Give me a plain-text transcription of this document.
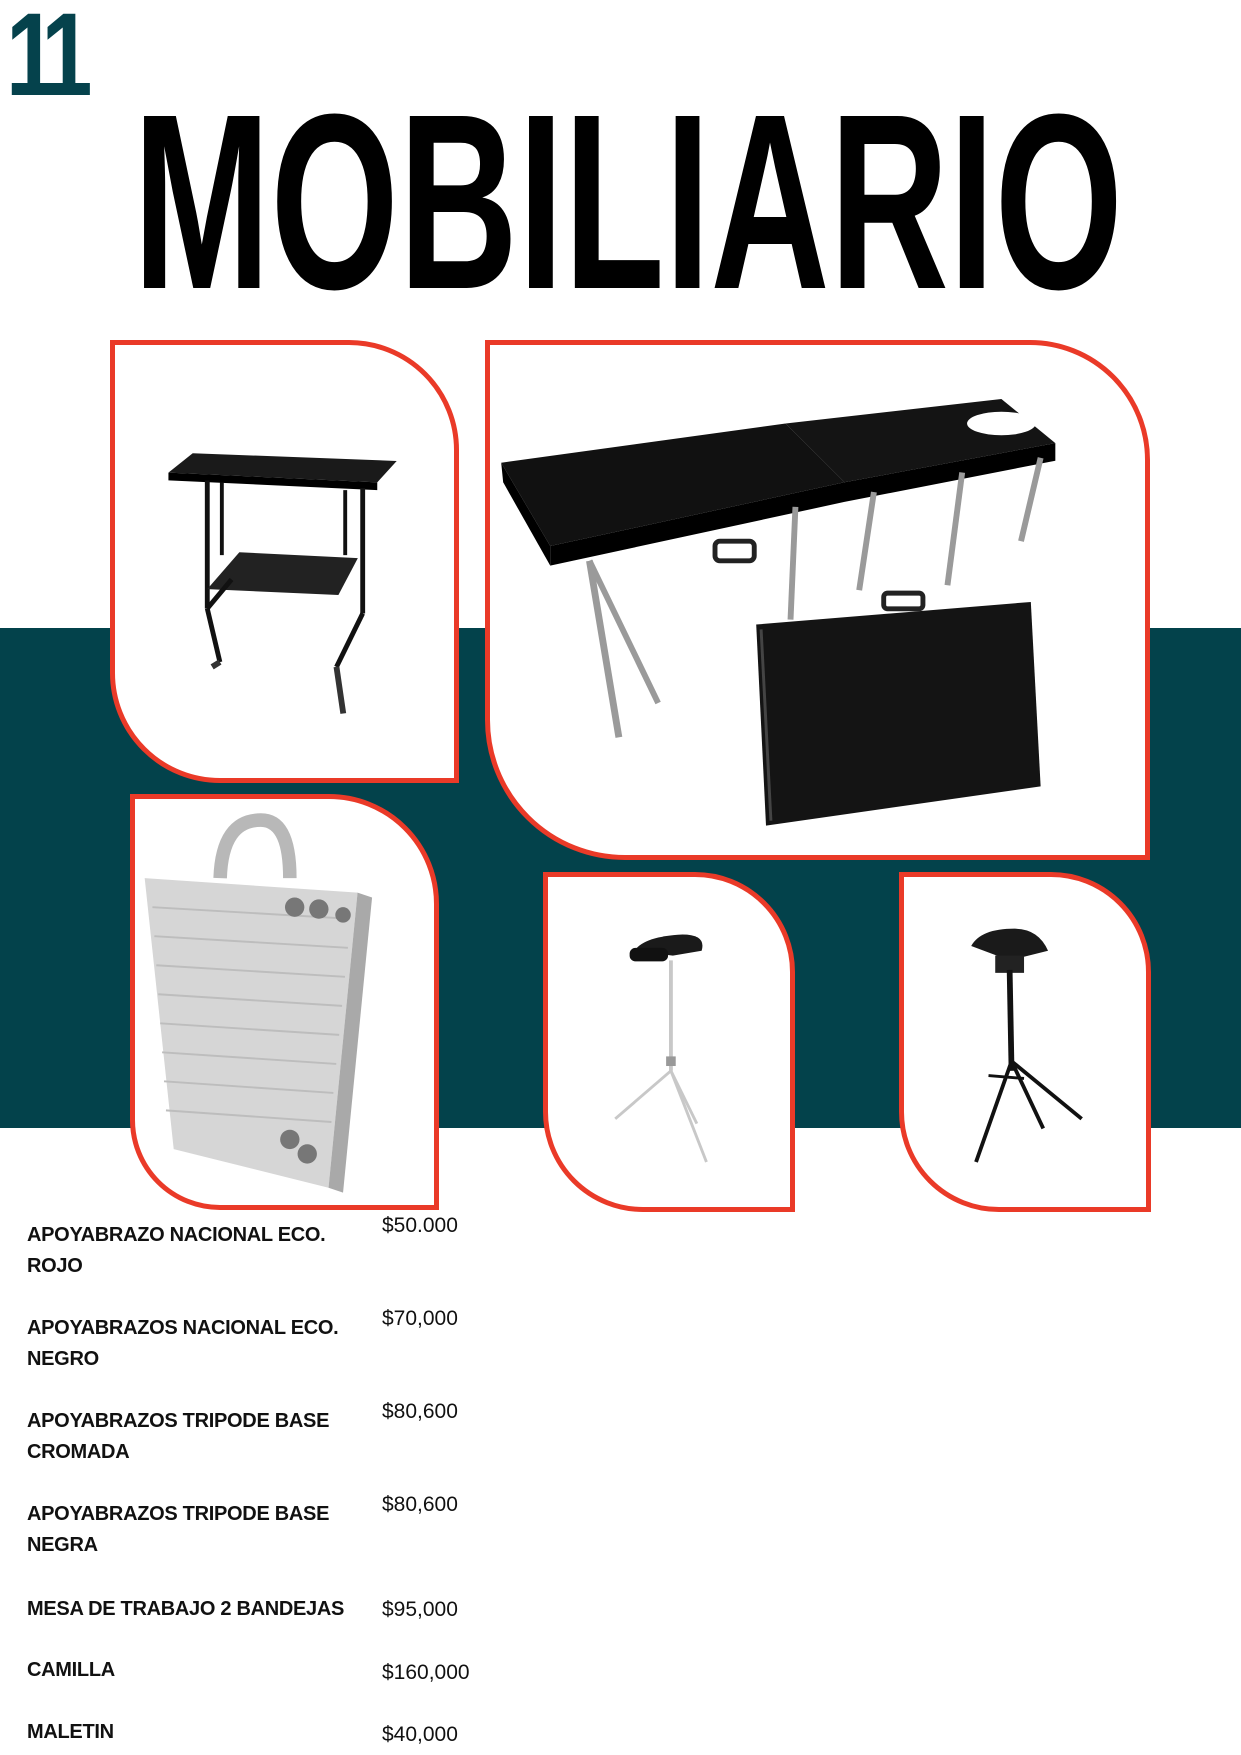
11
MOBILIARIO
APOYABRAZO NACIONAL ECO. ROJO
$50.000
APOYABRAZOS NACIONAL ECO. NEGRO
$70,000
APOYABRAZOS TRIPODE BASE CROMADA
$80,600
APOYABRAZOS TRIPODE BASE NEGRA
$80,600
MESA DE TRABAJO 2 BANDEJAS	$95,000
CAMILLA	$160,000
MALETIN	$40,000
